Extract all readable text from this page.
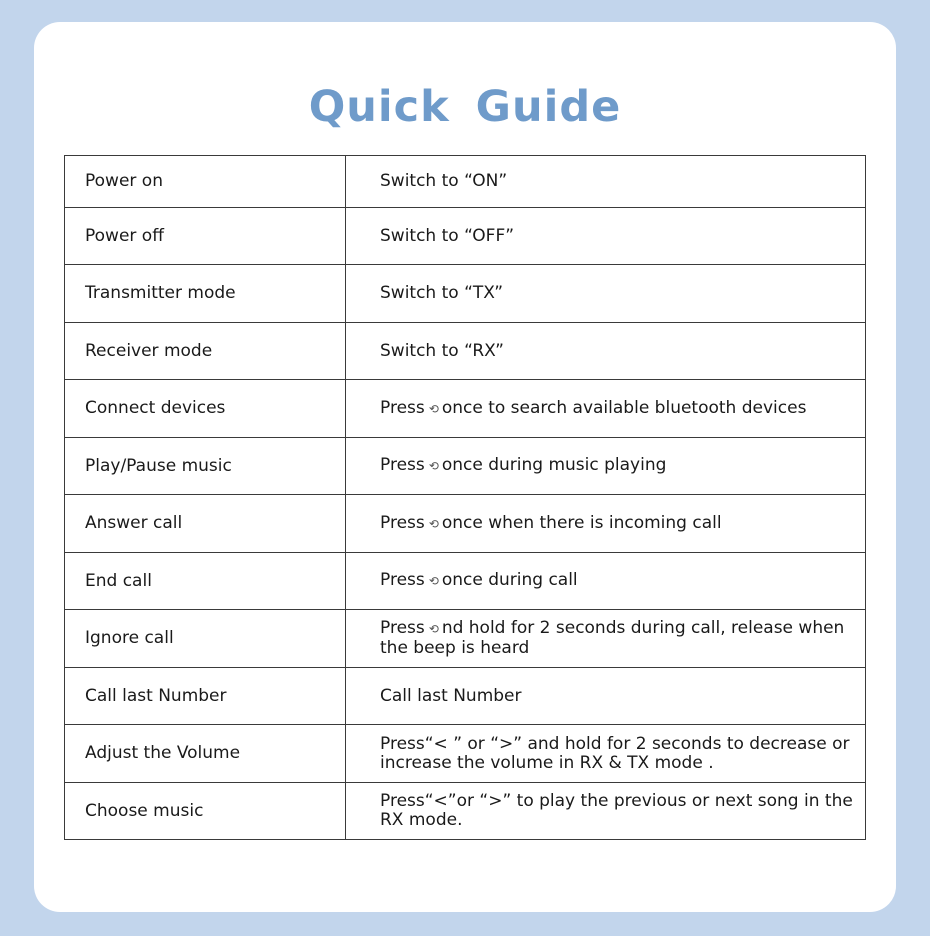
Quick Guide
Power on	Switch to “ON”
Power off	Switch to “OFF”
Transmitter mode	Switch to “TX”
Receiver mode	Switch to “RX”
Connect devices	Press ⟲ once to search available bluetooth devices
Play/Pause music	Press ⟲ once during music playing
Answer call	Press ⟲ once when there is incoming call
End call	Press ⟲ once during call
Ignore call	Press ⟲ nd hold for 2 seconds during call, release when the beep is heard
Call last Number	Call last Number
Adjust the Volume	Press“< ” or “>” and hold for 2 seconds to decrease or increase the volume in RX & TX mode .
Choose music	Press“<”or “>” to play the previous or next song in the RX mode.
